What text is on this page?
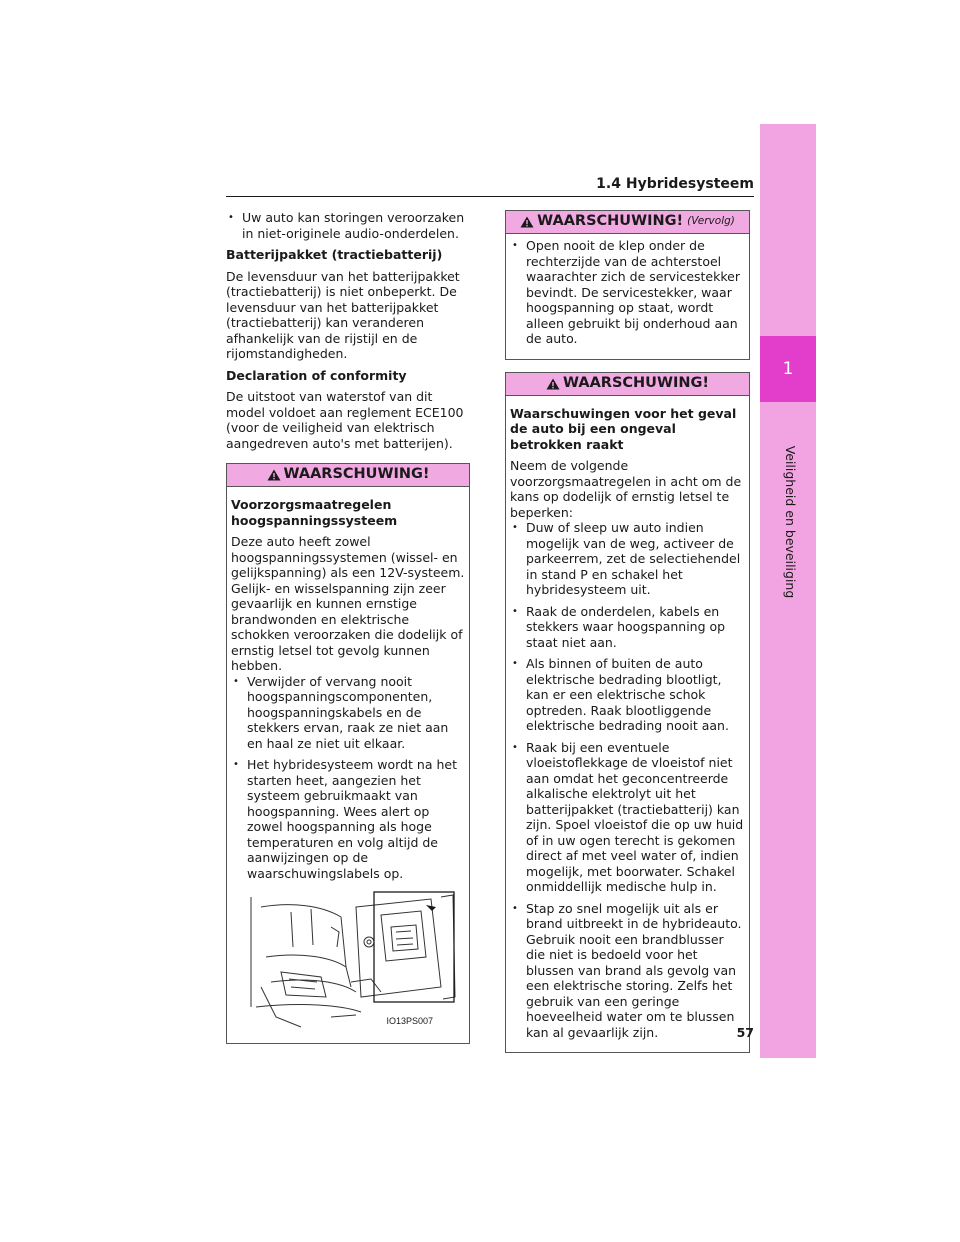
1.4 Hybridesysteem
1
Veiligheid en beveiliging
• Uw auto kan storingen veroorzaken in niet-originele audio-onderdelen.

Batterijpakket (tractiebatterij)

De levensduur van het batterijpakket (tractiebatterij) is niet onbeperkt. De levensduur van het batterijpakket (tractiebatterij) kan veranderen afhankelijk van de rijstijl en de rijomstandigheden.

Declaration of conformity

De uitstoot van waterstof van dit model voldoet aan reglement ECE100 (voor de veiligheid van elektrisch aangedreven auto's met batterijen).

WAARSCHUWING!

Voorzorgsmaatregelen hoogspanningssysteem

Deze auto heeft zowel hoogspanningssystemen (wissel- en gelijkspanning) als een 12V-systeem. Gelijk- en wisselspanning zijn zeer gevaarlijk en kunnen ernstige brandwonden en elektrische schokken veroorzaken die dodelijk of ernstig letsel tot gevolg kunnen hebben.

• Verwijder of vervang nooit hoogspanningscomponenten, hoogspanningskabels en de stekkers ervan, raak ze niet aan en haal ze niet uit elkaar.
• Het hybridesysteem wordt na het starten heet, aangezien het systeem gebruikmaakt van hoogspanning. Wees alert op zowel hoogspanning als hoge temperaturen en volg altijd de aanwijzingen op de waarschuwingslabels op.
IO13PS007
WAARSCHUWING! (Vervolg)
• Open nooit de klep onder de rechterzijde van de achterstoel waarachter zich de servicestekker bevindt. De servicestekker, waar hoogspanning op staat, wordt alleen gebruikt bij onderhoud aan de auto.
WAARSCHUWING!

Waarschuwingen voor het geval de auto bij een ongeval betrokken raakt

Neem de volgende voorzorgsmaatregelen in acht om de kans op dodelijk of ernstig letsel te beperken:

• Duw of sleep uw auto indien mogelijk van de weg, activeer de parkeerrem, zet de selectiehendel in stand P en schakel het hybridesysteem uit.
• Raak de onderdelen, kabels en stekkers waar hoogspanning op staat niet aan.
• Als binnen of buiten de auto elektrische bedrading blootligt, kan er een elektrische schok optreden. Raak blootliggende elektrische bedrading nooit aan.
• Raak bij een eventuele vloeistoflekkage de vloeistof niet aan omdat het geconcentreerde alkalische elektrolyt uit het batterijpakket (tractiebatterij) kan zijn. Spoel vloeistof die op uw huid of in uw ogen terecht is gekomen direct af met veel water of, indien mogelijk, met boorwater. Schakel onmiddellijk medische hulp in.
• Stap zo snel mogelijk uit als er brand uitbreekt in de hybrideauto. Gebruik nooit een brandblusser die niet is bedoeld voor het blussen van brand als gevolg van een elektrische storing. Zelfs het gebruik van een geringe hoeveelheid water om te blussen kan al gevaarlijk zijn.	57
